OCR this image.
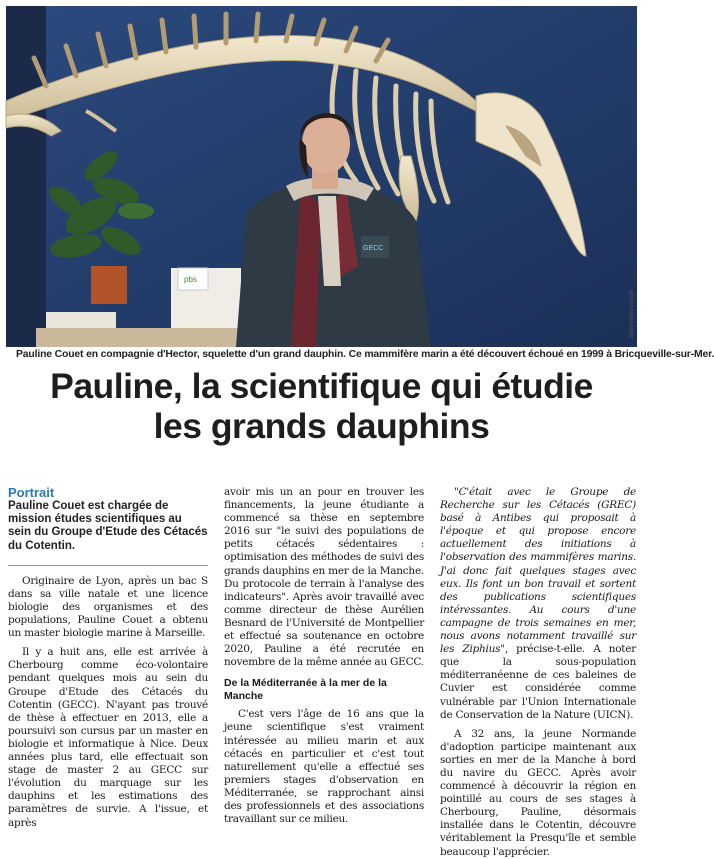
pbs
GECC
Jean-Marie Enault
Pauline Couet en compagnie d'Hector, squelette d'un grand dauphin. Ce mammifère marin a été découvert échoué en 1999 à Bricqueville-sur-Mer.
Pauline, la scientifique qui étudie
les grands dauphins
Portrait
Pauline Couet est chargée de mission études scientifiques au sein du Groupe d'Etude des Cétacés du Cotentin.

Originaire de Lyon, après un bac S dans sa ville natale et une licence biologie des organismes et des populations, Pauline Couet a obtenu un master biologie marine à Marseille.

Il y a huit ans, elle est arrivée à Cherbourg comme éco-volontaire pendant quelques mois au sein du Groupe d'Etude des Cétacés du Cotentin (GECC). N'ayant pas trouvé de thèse à effectuer en 2013, elle a poursuivi son cursus par un master en biologie et informatique à Nice. Deux années plus tard, elle effectuait son stage de master 2 au GECC sur l'évolution du marquage sur les dauphins et les estimations des paramètres de survie. A l'issue, et après

avoir mis un an pour en trouver les financements, la jeune étudiante a commencé sa thèse en septembre 2016 sur "le suivi des populations de petits cétacés sédentaires : optimisation des méthodes de suivi des grands dauphins en mer de la Manche. Du protocole de terrain à l'analyse des indicateurs". Après avoir travaillé avec comme directeur de thèse Aurélien Besnard de l'Université de Montpellier et effectué sa soutenance en octobre 2020, Pauline a été recrutée en novembre de la même année au GECC.

De la Méditerranée à la mer de la Manche

C'est vers l'âge de 16 ans que la jeune scientifique s'est vraiment intéressée au milieu marin et aux cétacés en particulier et c'est tout naturellement qu'elle a effectué ses premiers stages d'observation en Méditerranée, se rapprochant ainsi des professionnels et des associations travaillant sur ce milieu.

"C'était avec le Groupe de Recherche sur les Cétacés (GREC) basé à Antibes qui proposait à l'époque et qui propose encore actuellement des initiations à l'observation des mammifères marins. J'ai donc fait quelques stages avec eux. Ils font un bon travail et sortent des publications scientifiques intéressantes. Au cours d'une campagne de trois semaines en mer, nous avons notamment travaillé sur les Ziphius", précise-t-elle. A noter que la sous-population méditerranéenne de ces baleines de Cuvier est considérée comme vulnérable par l'Union Internationale de Conservation de la Nature (UICN).

A 32 ans, la jeune Normande d'adoption participe maintenant aux sorties en mer de la Manche à bord du navire du GECC. Après avoir commencé à découvrir la région en pointillé au cours de ses stages à Cherbourg, Pauline, désormais installée dans le Cotentin, découvre véritablement la Presqu'île et semble beaucoup l'apprécier.
